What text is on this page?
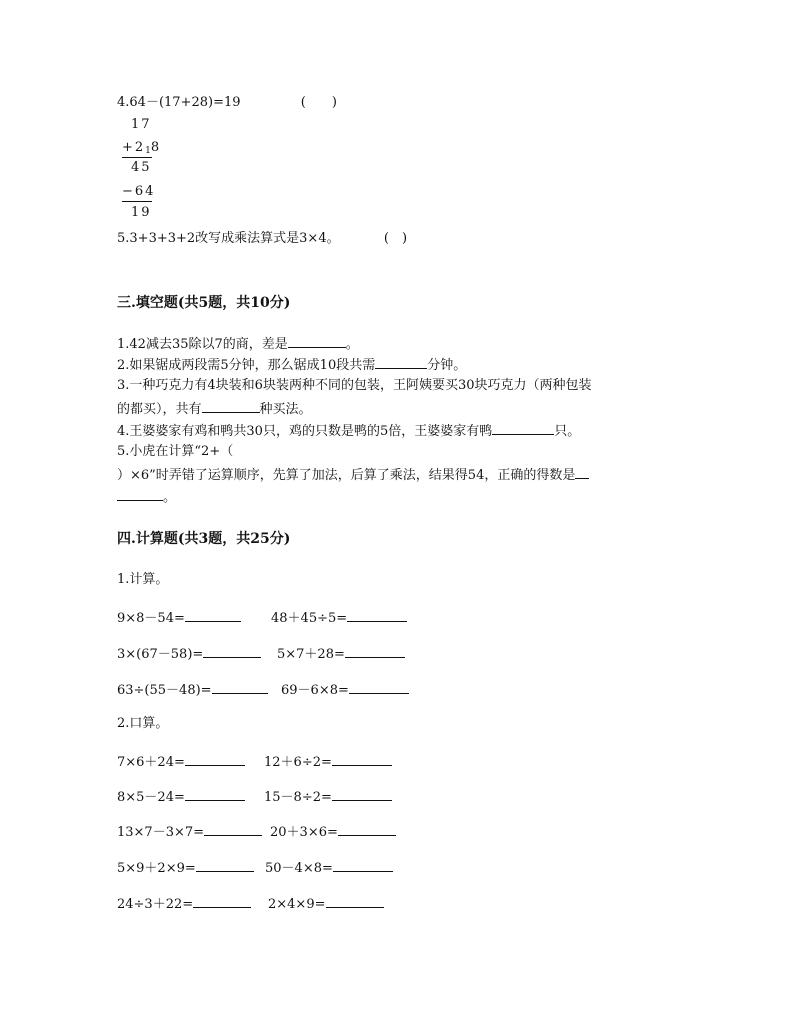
4.64－(17+28)=19	(　　)
17
$+2_18$
45
−64
19
5.3+3+3+2改写成乘法算式是3×4。	(　)
三.填空题(共5题，共10分)
1.42减去35除以7的商，差是	。
2.如果锯成两段需5分钟，那么锯成10段共需	分钟。
3.一种巧克力有4块装和6块装两种不同的包装，王阿姨要买30块巧克力（两种包装
的都买），共有	种买法。
4.王婆婆家有鸡和鸭共30只，鸡的只数是鸭的5倍，王婆婆家有鸭	只。
5.小虎在计算“2+（
）×6”时弄错了运算顺序，先算了加法，后算了乘法，结果得54，正确的得数是
。
四.计算题(共3题，共25分)
1.计算。
9×8－54=	48＋45÷5=
3×(67－58)=	5×7＋28=
63÷(55－48)=	69－6×8=
2.口算。
7×6＋24=	12＋6÷2=
8×5－24=	15－8÷2=
13×7－3×7=	20＋3×6=
5×9＋2×9=	50－4×8=
24÷3＋22=	2×4×9=
